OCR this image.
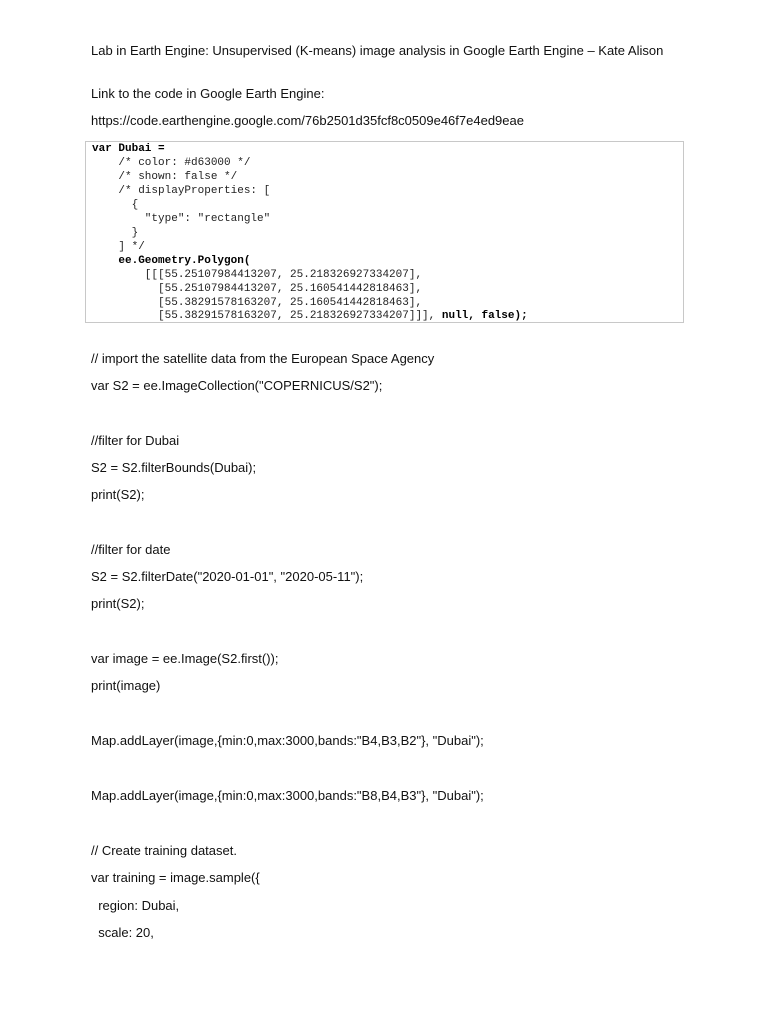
Lab in Earth Engine: Unsupervised (K-means) image analysis in Google Earth Engine – Kate Alison

Link to the code in Google Earth Engine:

https://code.earthengine.google.com/76b2501d35fcf8c0509e46f7e4ed9eae

var Dubai =

/* color: #d63000 */

/* shown: false */

/* displayProperties: [

{

"type": "rectangle"

}

] */

ee.Geometry.Polygon(

[[[55.25107984413207, 25.218326927334207],

[55.25107984413207, 25.160541442818463],

[55.38291578163207, 25.160541442818463],

[55.38291578163207, 25.218326927334207]]], null, false);

// import the satellite data from the European Space Agency

var S2 = ee.ImageCollection("COPERNICUS/S2");

//filter for Dubai

S2 = S2.filterBounds(Dubai);

print(S2);

//filter for date

S2 = S2.filterDate("2020-01-01", "2020-05-11");

print(S2);

var image = ee.Image(S2.first());

print(image)

Map.addLayer(image,{min:0,max:3000,bands:"B4,B3,B2"}, "Dubai");

Map.addLayer(image,{min:0,max:3000,bands:"B8,B4,B3"}, "Dubai");

// Create training dataset.

var training = image.sample({

region: Dubai,

scale: 20,
